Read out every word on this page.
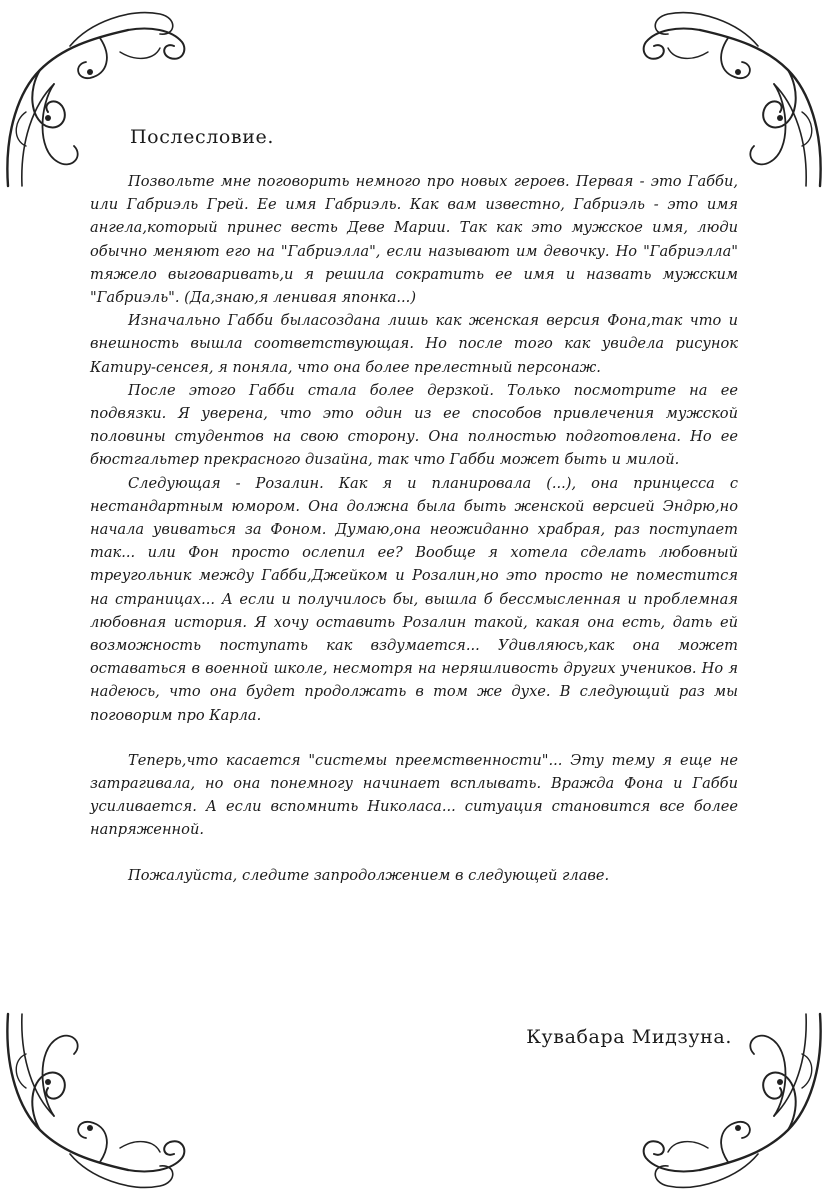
Послесловие.

Позвольте мне поговорить немного про новых героев. Первая - это Габби, или Габриэль Грей. Ее имя Габриэль. Как вам известно, Габриэль - это имя ангела,который принес весть Деве Марии. Так как это мужское имя, люди обычно меняют его на "Габриэлла", если называют им девочку. Но "Габриэлла" тяжело выговаривать,и я решила сократить ее имя и назвать мужским "Габриэль". (Да,знаю,я ленивая японка...)

Изначально Габби быласоздана лишь как женская версия Фона,так что и внешность вышла соответствующая. Но после того как увидела рисунок Катиру-сенсея, я поняла, что она более прелестный персонаж.

После этого Габби стала более дерзкой. Только посмотрите на ее подвязки. Я уверена, что это один из ее способов привлечения мужской половины студентов на свою сторону. Она полностью подготовлена. Но ее бюстгальтер прекрасного дизайна, так что Габби может быть и милой.

Следующая - Розалин. Как я и планировала (...), она принцесса с нестандартным юмором. Она должна была быть женской версией Эндрю,но начала увиваться за Фоном. Думаю,она неожиданно храбрая, раз поступает так... или Фон просто ослепил ее? Вообще я хотела сделать любовный треугольник между Габби,Джейком и Розалин,но это просто не поместится на страницах... А если и получилось бы, вышла б бессмысленная и проблемная любовная история. Я хочу оставить Розалин такой, какая она есть, дать ей возможность поступать как вздумается... Удивляюсь,как она может оставаться в военной школе, несмотря на неряшливость других учеников. Но я надеюсь, что она будет продолжать в том же духе. В следующий раз мы поговорим про Карла.

Теперь,что касается "системы преемственности"... Эту тему я еще не затрагивала, но она понемногу начинает всплывать. Вражда Фона и Габби усиливается. А если вспомнить Николаса... ситуация становится все более напряженной.

Пожалуйста, следите запродолжением в следующей главе.

Кувабара Мидзуна.
